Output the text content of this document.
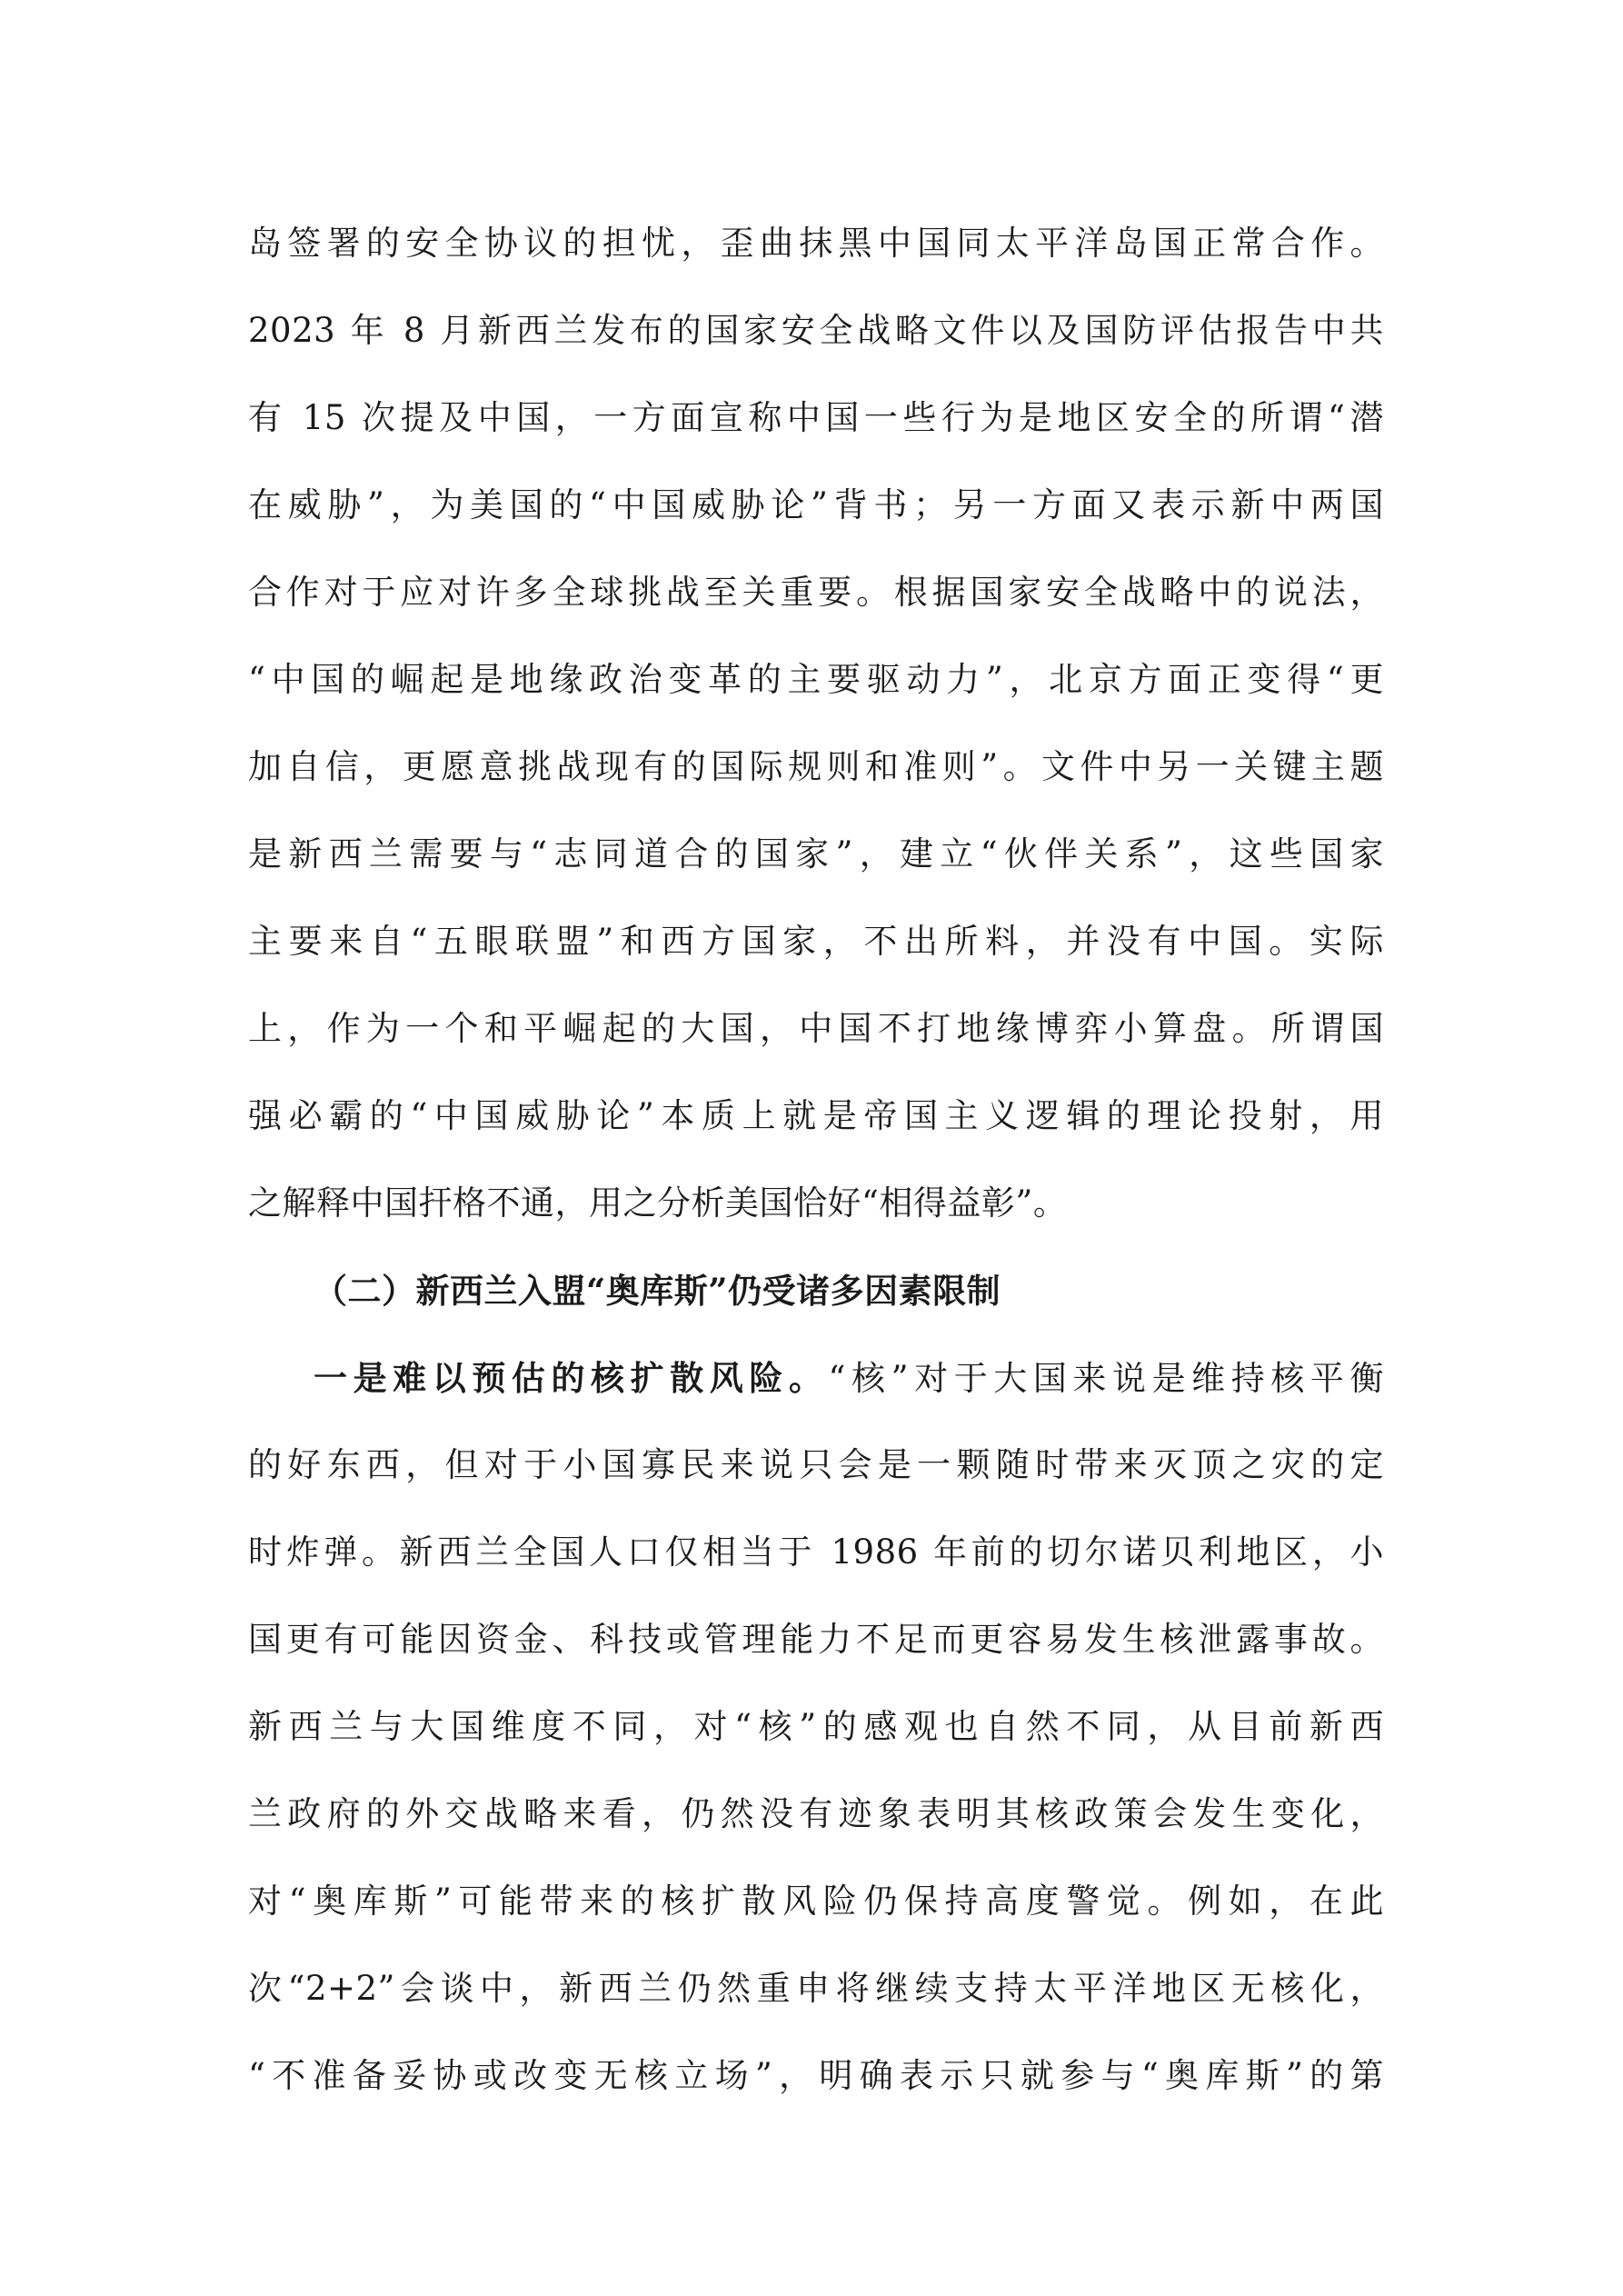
岛签署的安全协议的担忧，歪曲抹黑中国同太平洋岛国正常合作。
2023 年 8 月新西兰发布的国家安全战略文件以及国防评估报告中共
有 15 次提及中国，一方面宣称中国一些行为是地区安全的所谓“潜
在威胁”，为美国的“中国威胁论”背书；另一方面又表示新中两国
合作对于应对许多全球挑战至关重要。根据国家安全战略中的说法，
“中国的崛起是地缘政治变革的主要驱动力”，北京方面正变得“更
加自信，更愿意挑战现有的国际规则和准则”。文件中另一关键主题
是新西兰需要与“志同道合的国家”，建立“伙伴关系”，这些国家
主要来自“五眼联盟”和西方国家，不出所料，并没有中国。实际
上，作为一个和平崛起的大国，中国不打地缘博弈小算盘。所谓国
强必霸的“中国威胁论”本质上就是帝国主义逻辑的理论投射，用
之解释中国扞格不通，用之分析美国恰好“相得益彰”。
（二）新西兰入盟“奥库斯”仍受诸多因素限制
一是难以预估的核扩散风险。“核”对于大国来说是维持核平衡
的好东西，但对于小国寡民来说只会是一颗随时带来灭顶之灾的定
时炸弹。新西兰全国人口仅相当于 1986 年前的切尔诺贝利地区，小
国更有可能因资金、科技或管理能力不足而更容易发生核泄露事故。
新西兰与大国维度不同，对“核”的感观也自然不同，从目前新西
兰政府的外交战略来看，仍然没有迹象表明其核政策会发生变化，
对“奥库斯”可能带来的核扩散风险仍保持高度警觉。例如，在此
次“2+2”会谈中，新西兰仍然重申将继续支持太平洋地区无核化，
“不准备妥协或改变无核立场”，明确表示只就参与“奥库斯”的第
